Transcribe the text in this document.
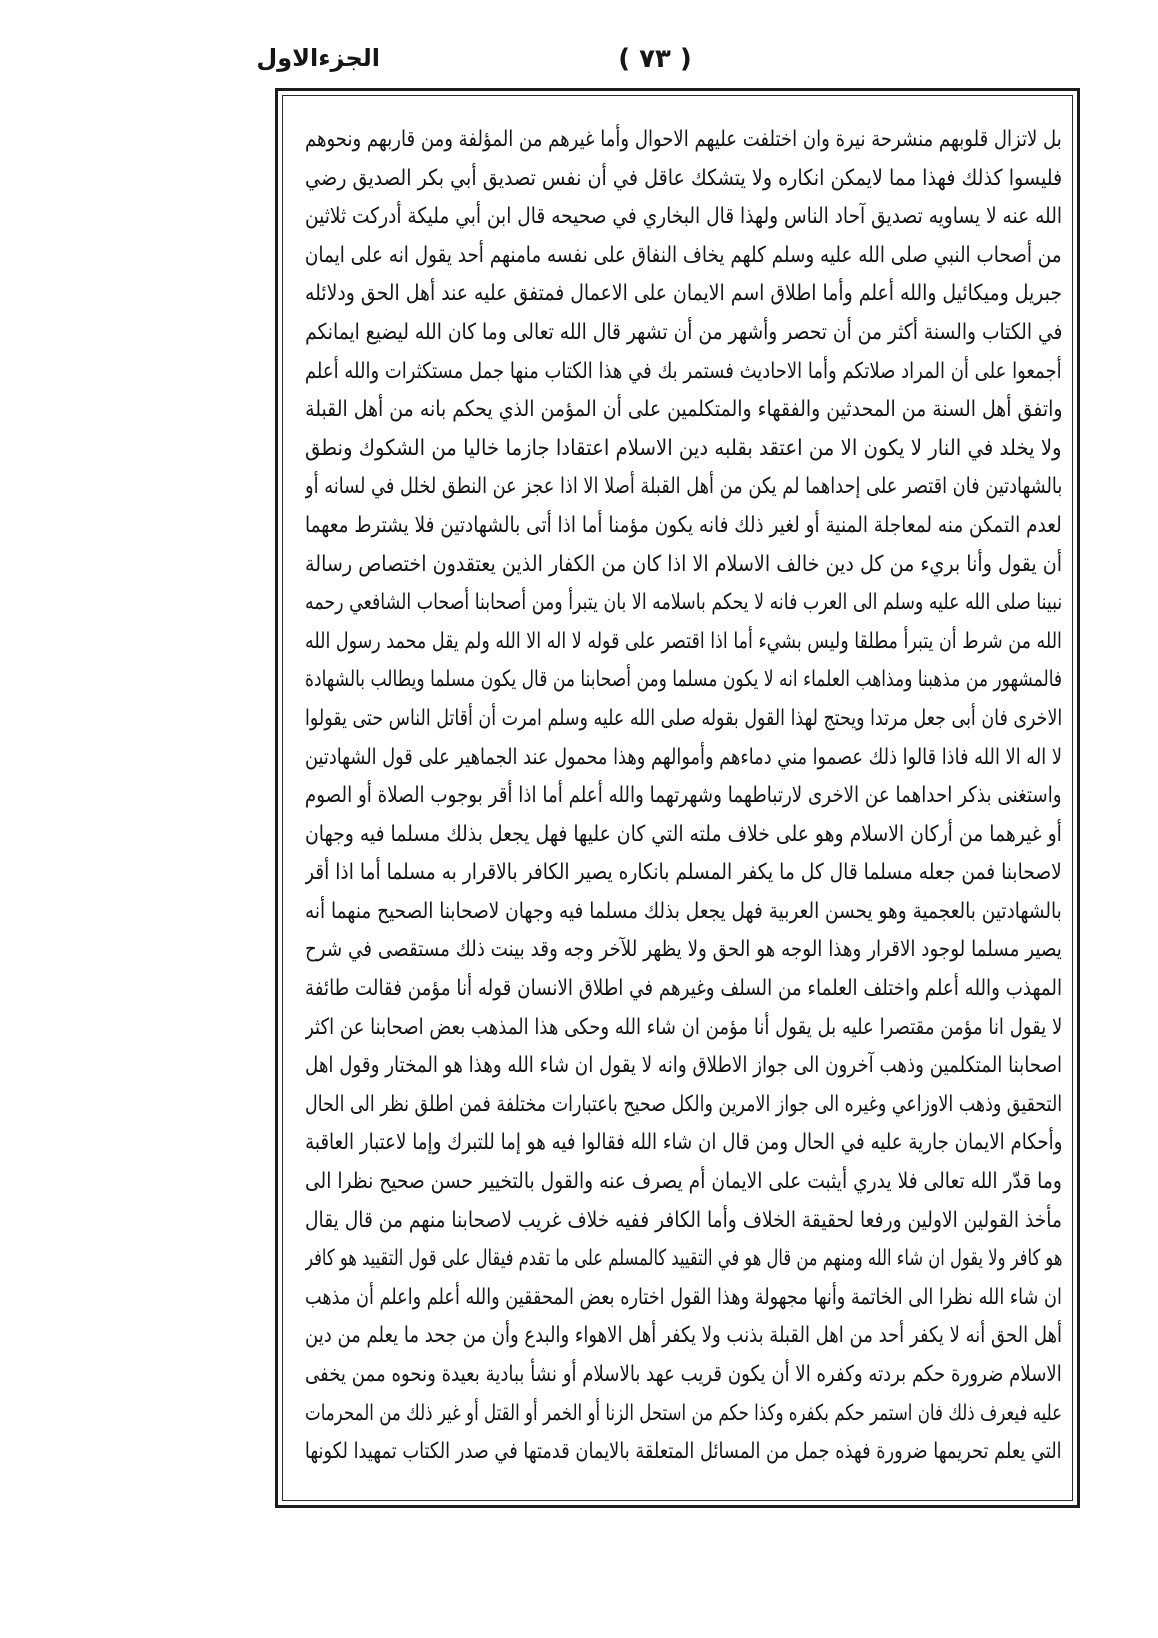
الجزءالاول	( ٧٣ )
بل لاتزال قلوبهم منشرحة نيرة وان اختلفت عليهم الاحوال وأما غيرهم من المؤلفة ومن قاربهم ونحوهم
فليسوا كذلك فهذا مما لايمكن انكاره ولا يتشكك عاقل في أن نفس تصديق أبي بكر الصديق رضي
الله عنه لا يساويه تصديق آحاد الناس ولهذا قال البخاري في صحيحه قال ابن أبي مليكة أدركت ثلاثين
من أصحاب النبي صلى الله عليه وسلم كلهم يخاف النفاق على نفسه مامنهم أحد يقول انه على ايمان
جبريل وميكائيل والله أعلم وأما اطلاق اسم الايمان على الاعمال فمتفق عليه عند أهل الحق ودلائله
في الكتاب والسنة أكثر من أن تحصر وأشهر من أن تشهر قال الله تعالى وما كان الله ليضيع ايمانكم
أجمعوا على أن المراد صلاتكم وأما الاحاديث فستمر بك في هذا الكتاب منها جمل مستكثرات والله أعلم
واتفق أهل السنة من المحدثين والفقهاء والمتكلمين على أن المؤمن الذي يحكم بانه من أهل القبلة
ولا يخلد في النار لا يكون الا من اعتقد بقلبه دين الاسلام اعتقادا جازما خاليا من الشكوك ونطق
بالشهادتين فان اقتصر على إحداهما لم يكن من أهل القبلة أصلا الا اذا عجز عن النطق لخلل في لسانه أو
لعدم التمكن منه لمعاجلة المنية أو لغير ذلك فانه يكون مؤمنا أما اذا أتى بالشهادتين فلا يشترط معهما
أن يقول وأنا بريء من كل دين خالف الاسلام الا اذا كان من الكفار الذين يعتقدون اختصاص رسالة
نبينا صلى الله عليه وسلم الى العرب فانه لا يحكم باسلامه الا بان يتبرأ ومن أصحابنا أصحاب الشافعي رحمه
الله من شرط أن يتبرأ مطلقا وليس بشيء أما اذا اقتصر على قوله لا اله الا الله ولم يقل محمد رسول الله
فالمشهور من مذهبنا ومذاهب العلماء انه لا يكون مسلما ومن أصحابنا من قال يكون مسلما ويطالب بالشهادة
الاخرى فان أبى جعل مرتدا ويحتج لهذا القول بقوله صلى الله عليه وسلم امرت أن أقاتل الناس حتى يقولوا
لا اله الا الله فاذا قالوا ذلك عصموا مني دماءهم وأموالهم وهذا محمول عند الجماهير على قول الشهادتين
واستغنى بذكر احداهما عن الاخرى لارتباطهما وشهرتهما والله أعلم أما اذا أقر بوجوب الصلاة أو الصوم
أو غيرهما من أركان الاسلام وهو على خلاف ملته التي كان عليها فهل يجعل بذلك مسلما فيه وجهان
لاصحابنا فمن جعله مسلما قال كل ما يكفر المسلم بانكاره يصير الكافر بالاقرار به مسلما أما اذا أقر
بالشهادتين بالعجمية وهو يحسن العربية فهل يجعل بذلك مسلما فيه وجهان لاصحابنا الصحيح منهما أنه
يصير مسلما لوجود الاقرار وهذا الوجه هو الحق ولا يظهر للآخر وجه وقد بينت ذلك مستقصى في شرح
المهذب والله أعلم واختلف العلماء من السلف وغيرهم في اطلاق الانسان قوله أنا مؤمن فقالت طائفة
لا يقول انا مؤمن مقتصرا عليه بل يقول أنا مؤمن ان شاء الله وحكى هذا المذهب بعض اصحابنا عن اكثر
اصحابنا المتكلمين وذهب آخرون الى جواز الاطلاق وانه لا يقول ان شاء الله وهذا هو المختار وقول اهل
التحقيق وذهب الاوزاعي وغيره الى جواز الامرين والكل صحيح باعتبارات مختلفة فمن اطلق نظر الى الحال
وأحكام الايمان جارية عليه في الحال ومن قال ان شاء الله فقالوا فيه هو إما للتبرك وإما لاعتبار العاقبة
وما قدّر الله تعالى فلا يدري أيثبت على الايمان أم يصرف عنه والقول بالتخيير حسن صحيح نظرا الى
مأخذ القولين الاولين ورفعا لحقيقة الخلاف وأما الكافر ففيه خلاف غريب لاصحابنا منهم من قال يقال
هو كافر ولا يقول ان شاء الله ومنهم من قال هو في التقييد كالمسلم على ما تقدم فيقال على قول التقييد هو كافر
ان شاء الله نظرا الى الخاتمة وأنها مجهولة وهذا القول اختاره بعض المحققين والله أعلم واعلم أن مذهب
أهل الحق أنه لا يكفر أحد من اهل القبلة بذنب ولا يكفر أهل الاهواء والبدع وأن من جحد ما يعلم من دين
الاسلام ضرورة حكم بردته وكفره الا أن يكون قريب عهد بالاسلام أو نشأ ببادية بعيدة ونحوه ممن يخفى
عليه فيعرف ذلك فان استمر حكم بكفره وكذا حكم من استحل الزنا أو الخمر أو القتل أو غير ذلك من المحرمات
التي يعلم تحريمها ضرورة فهذه جمل من المسائل المتعلقة بالايمان قدمتها في صدر الكتاب تمهيدا لكونها
